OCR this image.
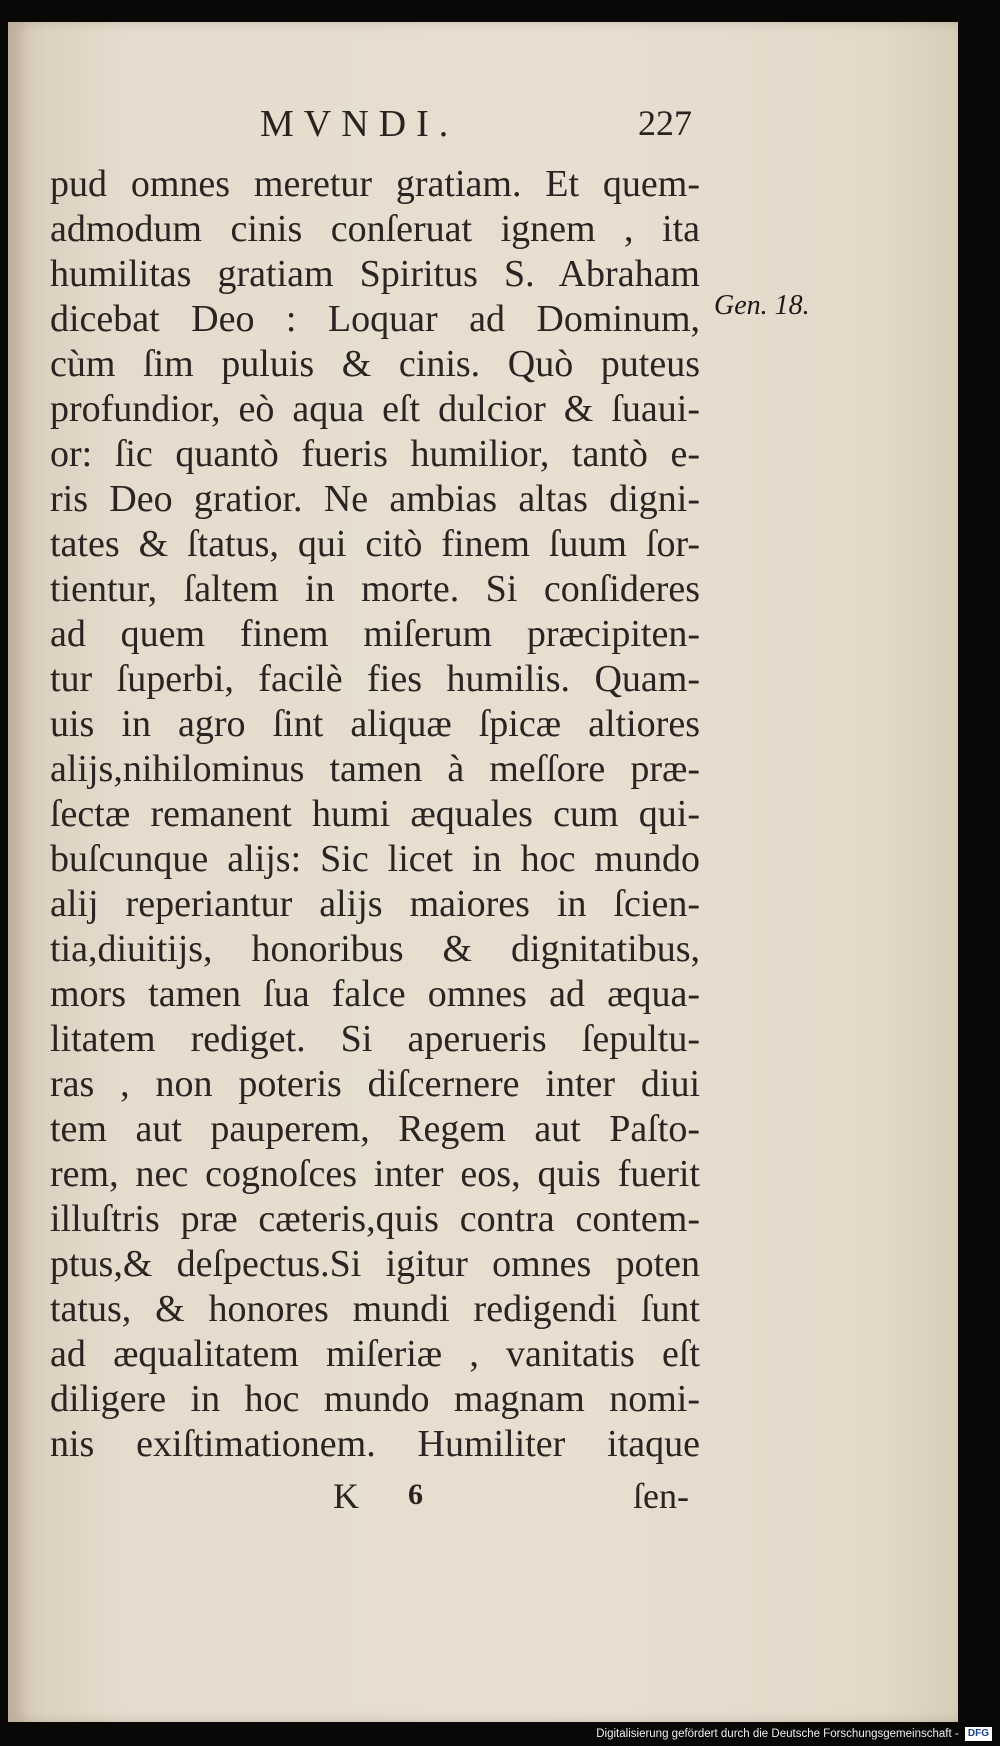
MVNDI.	227
Gen. 18.
pud omnes meretur gratiam. Et quem-
admodum cinis conſeruat ignem , ita
humilitas gratiam Spiritus S. Abraham
dicebat Deo : Loquar ad Dominum,
cùm ſim puluis & cinis. Quò puteus
profundior, eò aqua eſt dulcior & ſuaui-
or: ſic quantò fueris humilior, tantò e-
ris Deo gratior. Ne ambias altas digni-
tates & ſtatus, qui citò finem ſuum ſor-
tientur, ſaltem in morte. Si conſideres
ad quem finem miſerum præcipiten-
tur ſuperbi, facilè fies humilis. Quam-
uis in agro ſint aliquæ ſpicæ altiores
alijs,nihilominus tamen à meſſore præ-
ſectæ remanent humi æquales cum qui-
buſcunque alijs: Sic licet in hoc mundo
alij reperiantur alijs maiores in ſcien-
tia,diuitijs, honoribus & dignitatibus,
mors tamen ſua falce omnes ad æqua-
litatem rediget. Si aperueris ſepultu-
ras , non poteris diſcernere inter diui
tem aut pauperem, Regem aut Paſto-
rem, nec cognoſces inter eos, quis fuerit
illuſtris præ cæteris,quis contra contem-
ptus,& deſpectus.Si igitur omnes poten
tatus, & honores mundi redigendi ſunt
ad æqualitatem miſeriæ , vanitatis eſt
diligere in hoc mundo magnam nomi-
nis exiſtimationem. Humiliter itaque
K 6	ſen-
Digitalisierung gefördert durch die Deutsche Forschungsgemeinschaft - DFG
